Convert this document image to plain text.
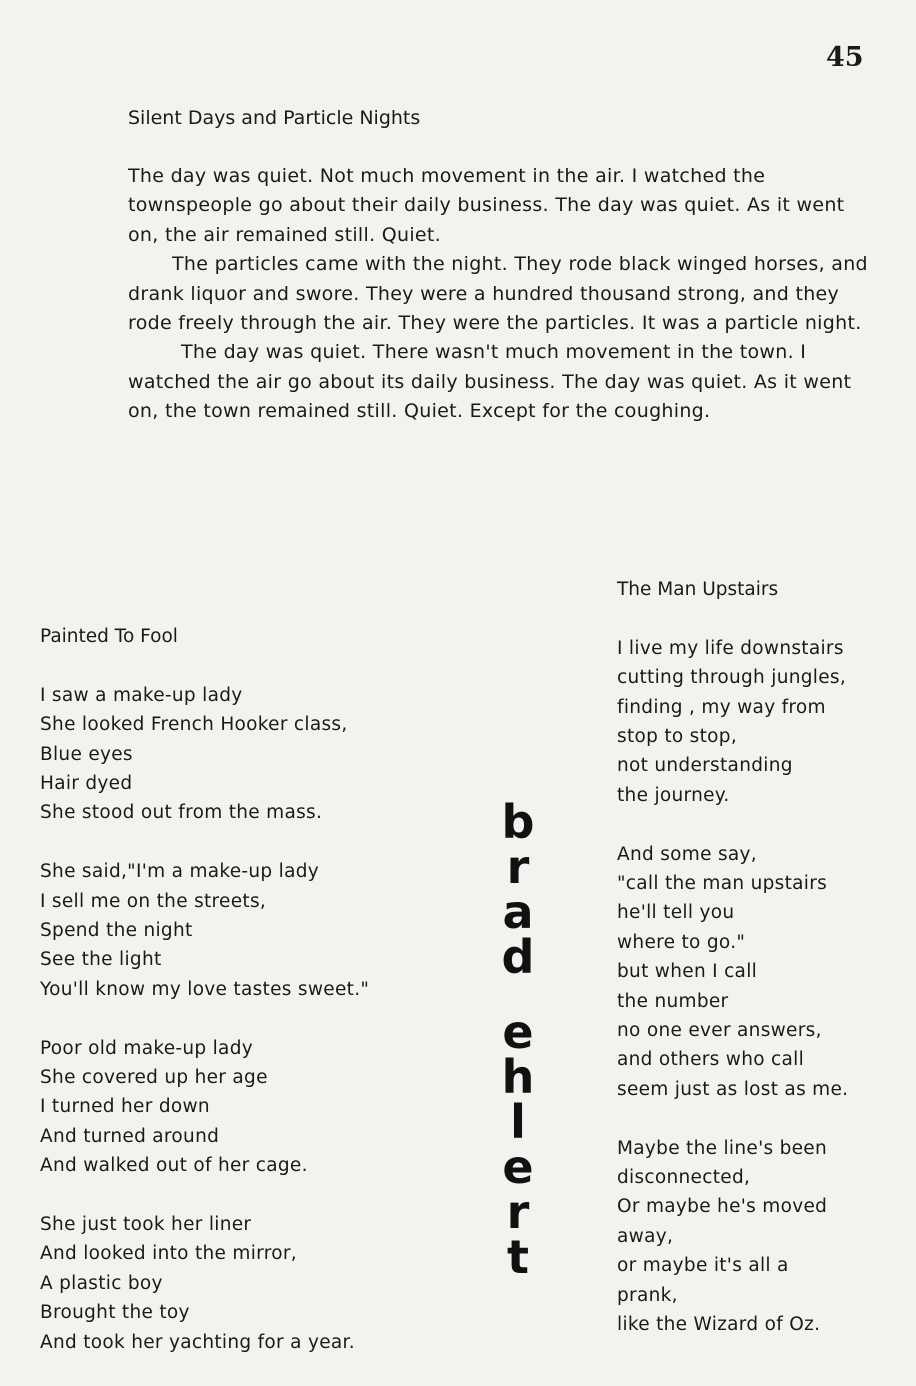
45
Silent Days and Particle Nights

The day was quiet. Not much movement in the air. I watched the townspeople go about their daily business. The day was quiet. As it went on, the air remained still. Quiet.

The particles came with the night. They rode black winged horses, and drank liquor and swore. They were a hundred thousand strong, and they rode freely through the air. They were the particles. It was a particle night.

The day was quiet. There wasn't much movement in the town. I watched the air go about its daily business. The day was quiet. As it went on, the town remained still. Quiet. Except for the coughing.

Painted To Fool
I saw a make-up lady
She looked French Hooker class,
Blue eyes
Hair dyed
She stood out from the mass.
She said,"I'm a make-up lady
I sell me on the streets,
Spend the night
See the light
You'll know my love tastes sweet."
Poor old make-up lady
She covered up her age
I turned her down
And turned around
And walked out of her cage.
She just took her liner
And looked into the mirror,
A plastic boy
Brought the toy
And took her yachting for a year.
b
r
a
d
e
h
l
e
r
t
The Man Upstairs
I live my life downstairs
cutting through jungles,
finding , my way from
stop to stop,
not understanding
the journey.
And some say,
"call the man upstairs
he'll tell you
where to go."
but when I call
the number
no one ever answers,
and others who call
seem just as lost as me.
Maybe the line's been
disconnected,
Or maybe he's moved
away,
or maybe it's all a
prank,
like the Wizard of Oz.
